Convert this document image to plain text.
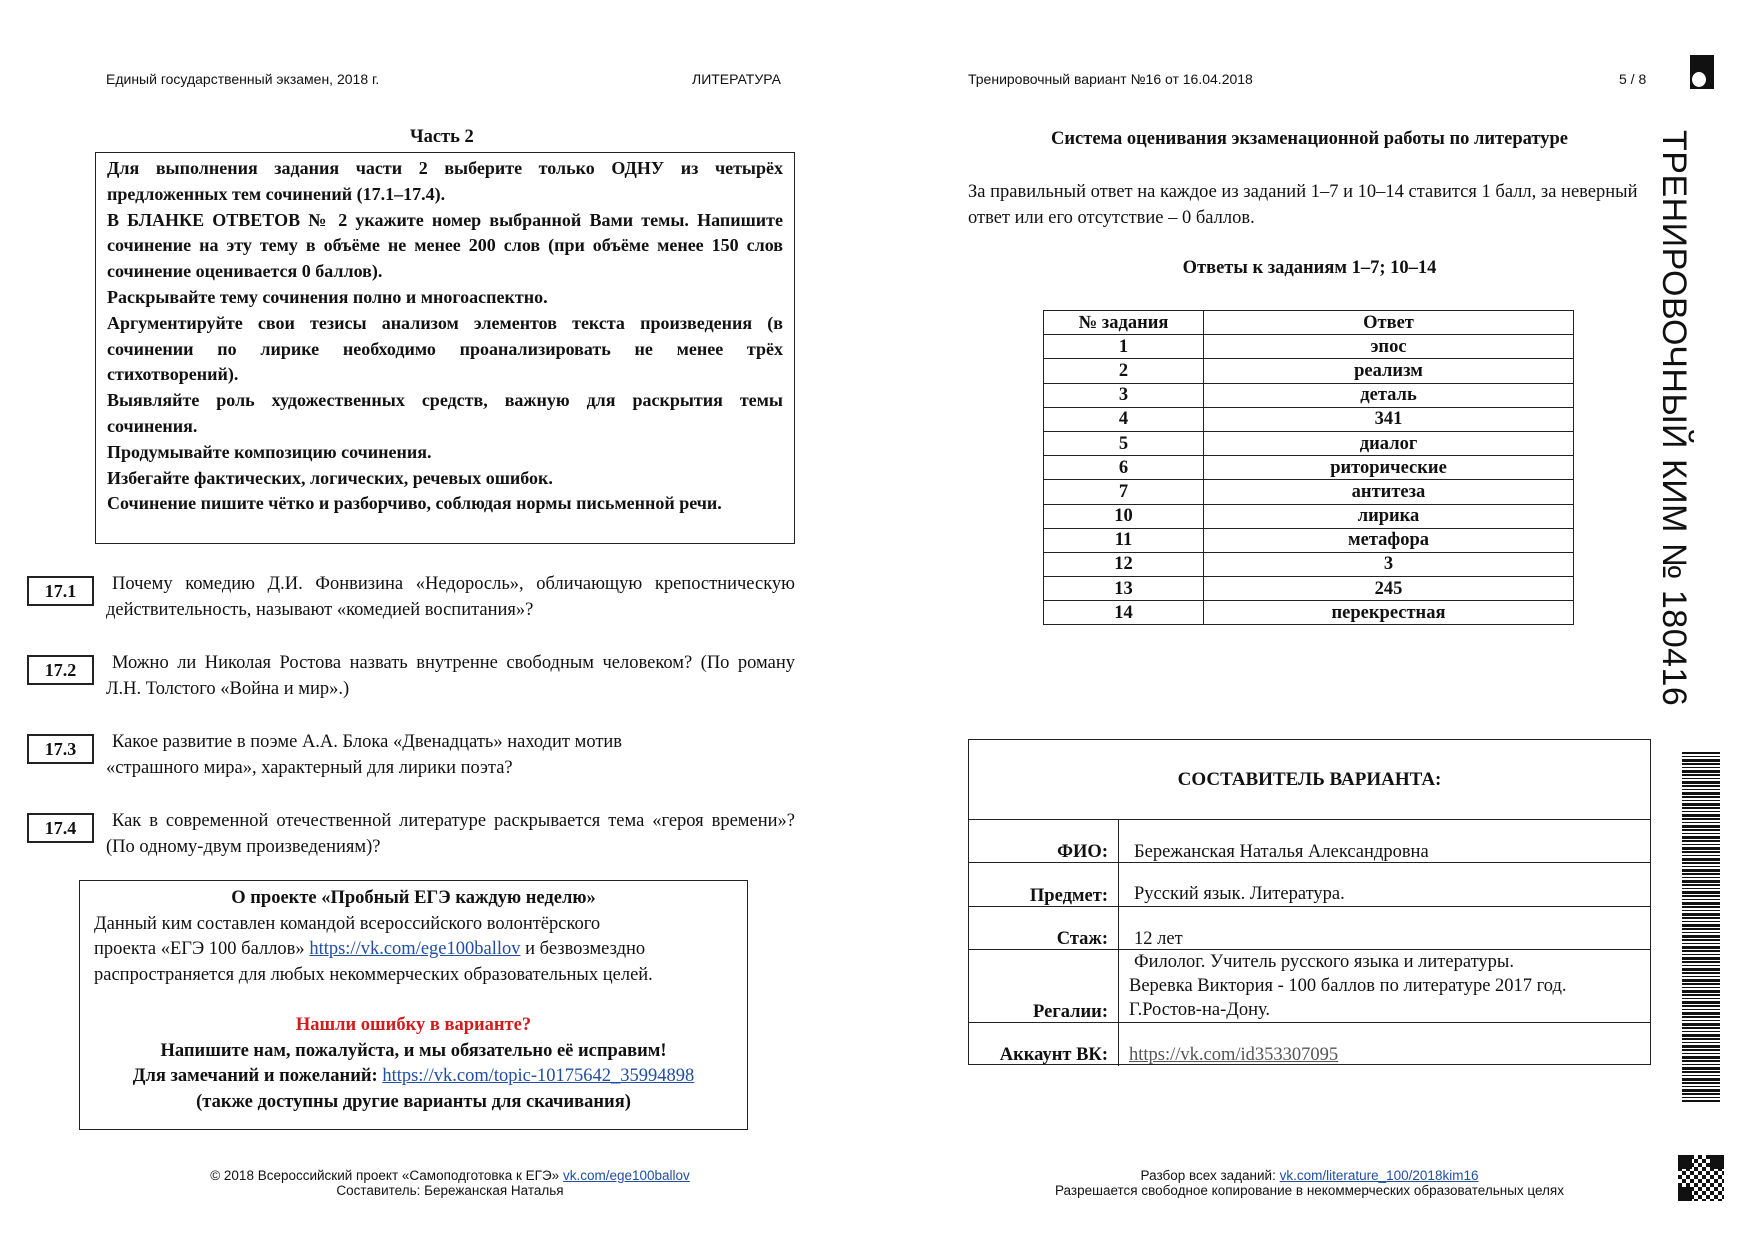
Единый государственный экзамен, 2018 г.	ЛИТЕРАТУРА
Часть 2

Для выполнения задания части 2 выберите только ОДНУ из четырёх предложенных тем сочинений (17.1–17.4).

В БЛАНКЕ ОТВЕТОВ № 2 укажите номер выбранной Вами темы. Напишите сочинение на эту тему в объёме не менее 200 слов (при объёме менее 150 слов сочинение оценивается 0 баллов).

Раскрывайте тему сочинения полно и многоаспектно.

Аргументируйте свои тезисы анализом элементов текста произведения (в сочинении по лирике необходимо проанализировать не менее трёх стихотворений).

Выявляйте роль художественных средств, важную для раскрытия темы сочинения.

Продумывайте композицию сочинения.

Избегайте фактических, логических, речевых ошибок.

Сочинение пишите чётко и разборчиво, соблюдая нормы письменной речи.

17.1	Почему комедию Д.И. Фонвизина «Недоросль», обличающую крепостническую действительность, называют «комедией воспитания»?
17.2	Можно ли Николая Ростова назвать внутренне свободным человеком? (По роману Л.Н. Толстого «Война и мир».)
17.3	Какое развитие в поэме А.А. Блока «Двенадцать» находит мотив «страшного мира», характерный для лирики поэта?
17.4	Как в современной отечественной литературе раскрывается тема «героя времени»? (По одному-двум произведениям)?
О проекте «Пробный ЕГЭ каждую неделю»
Данный ким составлен командой всероссийского волонтёрского
проекта «ЕГЭ 100 баллов» https://vk.com/ege100ballov и безвозмездно
распространяется для любых некоммерческих образовательных целей.
Нашли ошибку в варианте?
Напишите нам, пожалуйста, и мы обязательно её исправим!
Для замечаний и пожеланий: https://vk.com/topic-10175642_35994898
(также доступны другие варианты для скачивания)
© 2018 Всероссийский проект «Самоподготовка к ЕГЭ» vk.com/ege100ballov
Составитель: Бережанская Наталья
Тренировочный вариант №16 от 16.04.2018	5 / 8
Система оценивания экзаменационной работы по литературе
За правильный ответ на каждое из заданий 1–7 и 10–14 ставится 1 балл, за неверный ответ или его отсутствие – 0 баллов.
Ответы к заданиям 1–7; 10–14
№ задания	Ответ
1	эпос
2	реализм
3	деталь
4	341
5	диалог
6	риторические
7	антитеза
10	лирика
11	метафора
12	3
13	245
14	перекрестная
СОСТАВИТЕЛЬ ВАРИАНТА:
ФИО: Бережанская Наталья Александровна
Предмет: Русский язык. Литература.
Стаж: 12 лет
Регалии:
Филолог. Учитель русского языка и литературы.
Веревка Виктория - 100 баллов по литературе 2017 год.
Г.Ростов-на-Дону.
Аккаунт ВК: https://vk.com/id353307095
Разбор всех заданий: vk.com/literature_100/2018kim16
Разрешается свободное копирование в некоммерческих образовательных целях
ТРЕНИРОВОЧНЫЙ КИМ № 180416
